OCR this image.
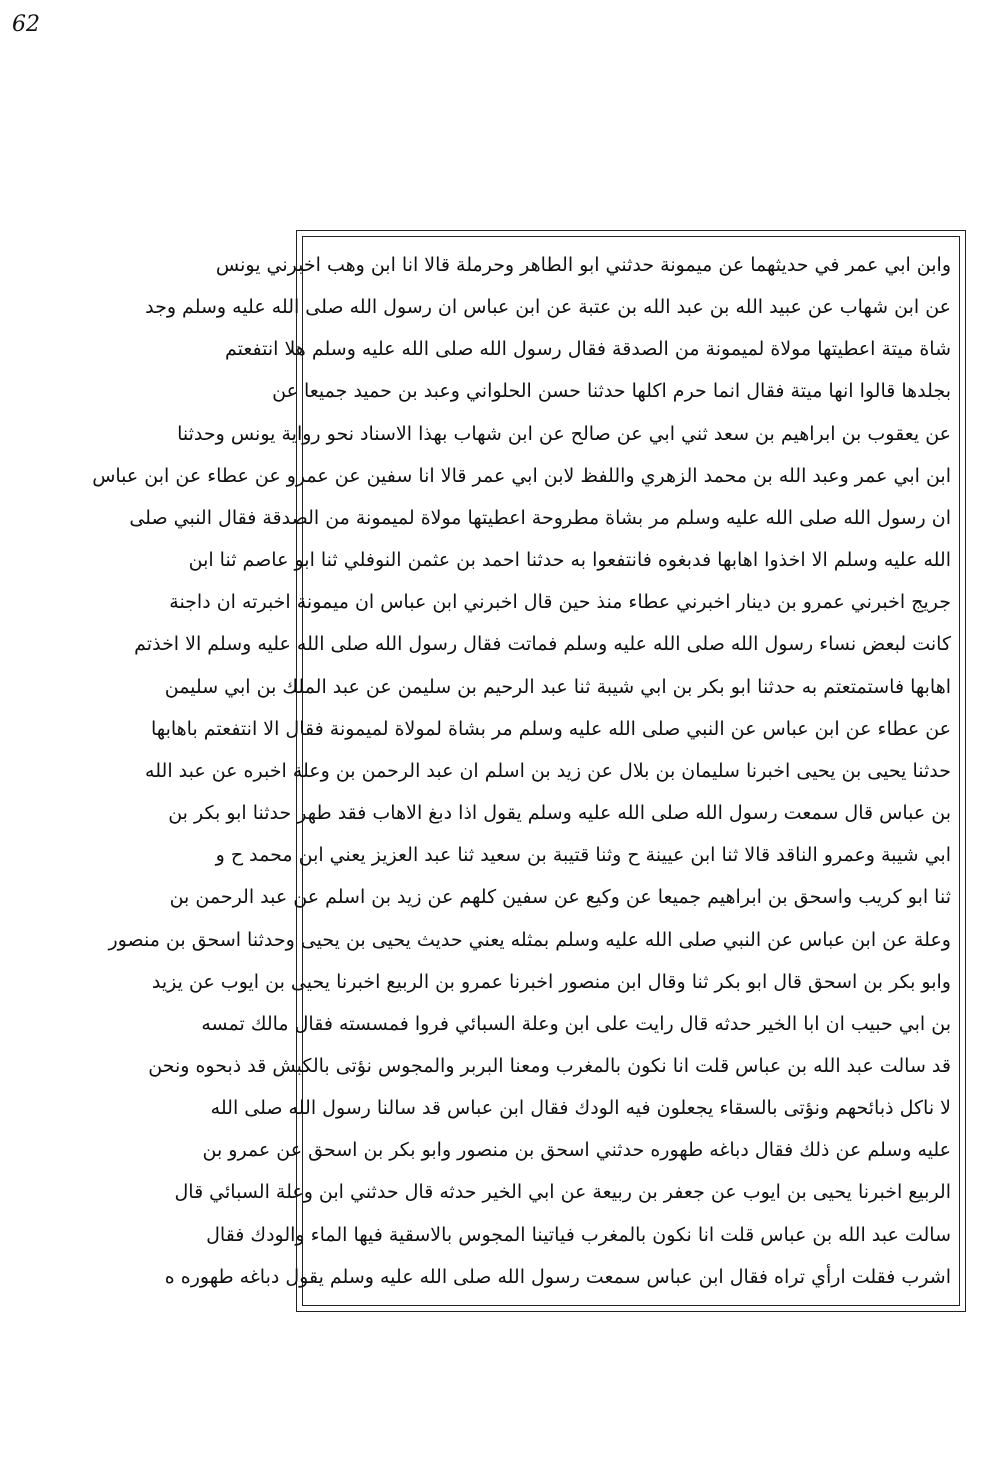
62
وابن ابي عمر في حديثهما عن ميمونة حدثني ابو الطاهر وحرملة قالا انا ابن وهب اخبرني يونس
عن ابن شهاب عن عبيد الله بن عبد الله بن عتبة عن ابن عباس ان رسول الله صلى الله عليه وسلم وجد
شاة ميتة اعطيتها مولاة لميمونة من الصدقة فقال رسول الله صلى الله عليه وسلم هلا انتفعتم
بجلدها قالوا انها ميتة فقال انما حرم اكلها حدثنا حسن الحلواني وعبد بن حميد جميعا عن
عن يعقوب بن ابراهيم بن سعد ثني ابي عن صالح عن ابن شهاب بهذا الاسناد نحو رواية يونس وحدثنا
ابن ابي عمر وعبد الله بن محمد الزهري واللفظ لابن ابي عمر قالا انا سفين عن عمرو عن عطاء عن ابن عباس
ان رسول الله صلى الله عليه وسلم مر بشاة مطروحة اعطيتها مولاة لميمونة من الصدقة فقال النبي صلى
الله عليه وسلم الا اخذوا اهابها فدبغوه فانتفعوا به حدثنا احمد بن عثمن النوفلي ثنا ابو عاصم ثنا ابن
جريج اخبرني عمرو بن دينار اخبرني عطاء منذ حين قال اخبرني ابن عباس ان ميمونة اخبرته ان داجنة
كانت لبعض نساء رسول الله صلى الله عليه وسلم فماتت فقال رسول الله صلى الله عليه وسلم الا اخذتم
اهابها فاستمتعتم به حدثنا ابو بكر بن ابي شيبة ثنا عبد الرحيم بن سليمن عن عبد الملك بن ابي سليمن
عن عطاء عن ابن عباس عن النبي صلى الله عليه وسلم مر بشاة لمولاة لميمونة فقال الا انتفعتم باهابها
حدثنا يحيى بن يحيى اخبرنا سليمان بن بلال عن زيد بن اسلم ان عبد الرحمن بن وعلة اخبره عن عبد الله
بن عباس قال سمعت رسول الله صلى الله عليه وسلم يقول اذا دبغ الاهاب فقد طهر حدثنا ابو بكر بن
ابي شيبة وعمرو الناقد قالا ثنا ابن عيينة ح وثنا قتيبة بن سعيد ثنا عبد العزيز يعني ابن محمد ح و
ثنا ابو كريب واسحق بن ابراهيم جميعا عن وكيع عن سفين كلهم عن زيد بن اسلم عن عبد الرحمن بن
وعلة عن ابن عباس عن النبي صلى الله عليه وسلم بمثله يعني حديث يحيى بن يحيى وحدثنا اسحق بن منصور
وابو بكر بن اسحق قال ابو بكر ثنا وقال ابن منصور اخبرنا عمرو بن الربيع اخبرنا يحيى بن ايوب عن يزيد
بن ابي حبيب ان ابا الخير حدثه قال رايت على ابن وعلة السبائي فروا فمسسته فقال مالك تمسه
قد سالت عبد الله بن عباس قلت انا نكون بالمغرب ومعنا البربر والمجوس نؤتى بالكبش قد ذبحوه ونحن
لا ناكل ذبائحهم ونؤتى بالسقاء يجعلون فيه الودك فقال ابن عباس قد سالنا رسول الله صلى الله
عليه وسلم عن ذلك فقال دباغه طهوره حدثني اسحق بن منصور وابو بكر بن اسحق عن عمرو بن
الربيع اخبرنا يحيى بن ايوب عن جعفر بن ربيعة عن ابي الخير حدثه قال حدثني ابن وعلة السبائي قال
سالت عبد الله بن عباس قلت انا نكون بالمغرب فياتينا المجوس بالاسقية فيها الماء والودك فقال
اشرب فقلت ارأي تراه فقال ابن عباس سمعت رسول الله صلى الله عليه وسلم يقول دباغه طهوره ه
